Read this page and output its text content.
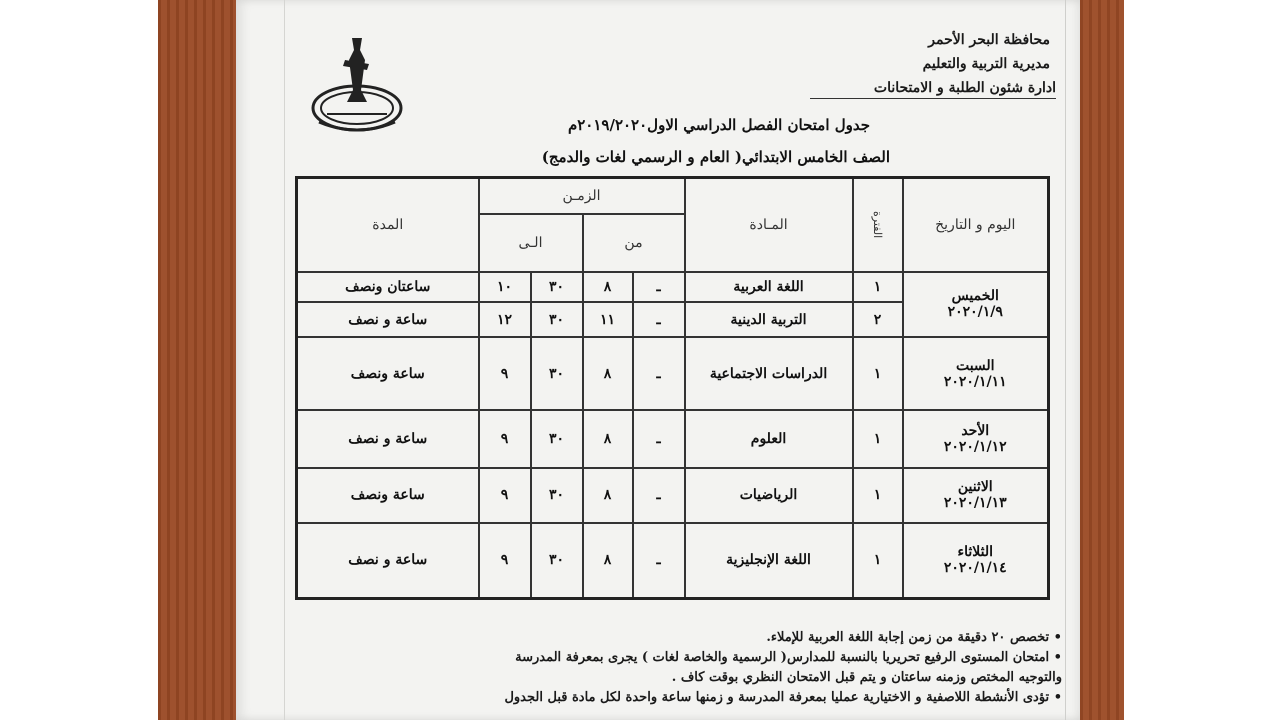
محافظة البحر الأحمر
مديرية التربية والتعليم
ادارة شئون الطلبة و الامتحانات
جدول امتحان الفصل الدراسي الاول٢٠١٩/٢٠٢٠م
الصف الخامس الابتدائي( العام و الرسمي لغات والدمج)
المدة	الزمـن				المـادة	الفترة	اليوم و التاريخ
	الـى		من				
ساعتان ونصف	١٠	٣٠	٨	ـ	اللغة العربية	١	الخميس
٢٠٢٠/١/٩

ساعة و نصف	١٢	٣٠	١١	ـ	التربية الدينية	٢	
ساعة ونصف	٩	٣٠	٨	ـ	الدراسات الاجتماعية	١	السبت
٢٠٢٠/١/١١

ساعة و نصف	٩	٣٠	٨	ـ	العلوم	١	الأحد
٢٠٢٠/١/١٢

ساعة ونصف	٩	٣٠	٨	ـ	الرياضيات	١	الاثنين
٢٠٢٠/١/١٣

ساعة و نصف	٩	٣٠	٨	ـ	اللغة الإنجليزية	١	الثلاثاء
٢٠٢٠/١/١٤
• تخصص ٢٠ دقيقة من زمن إجابة اللغة العربية للإملاء.
• امتحان المستوى الرفيع تحريريا بالنسبة للمدارس( الرسمية والخاصة لغات ) يجرى بمعرفة المدرسة
والتوجيه المختص وزمنه ساعتان و يتم قبل الامتحان النظري بوقت كاف .
• تؤدى الأنشطة اللاصفية و الاختيارية عمليا بمعرفة المدرسة و زمنها ساعة واحدة لكل مادة قبل الجدول
